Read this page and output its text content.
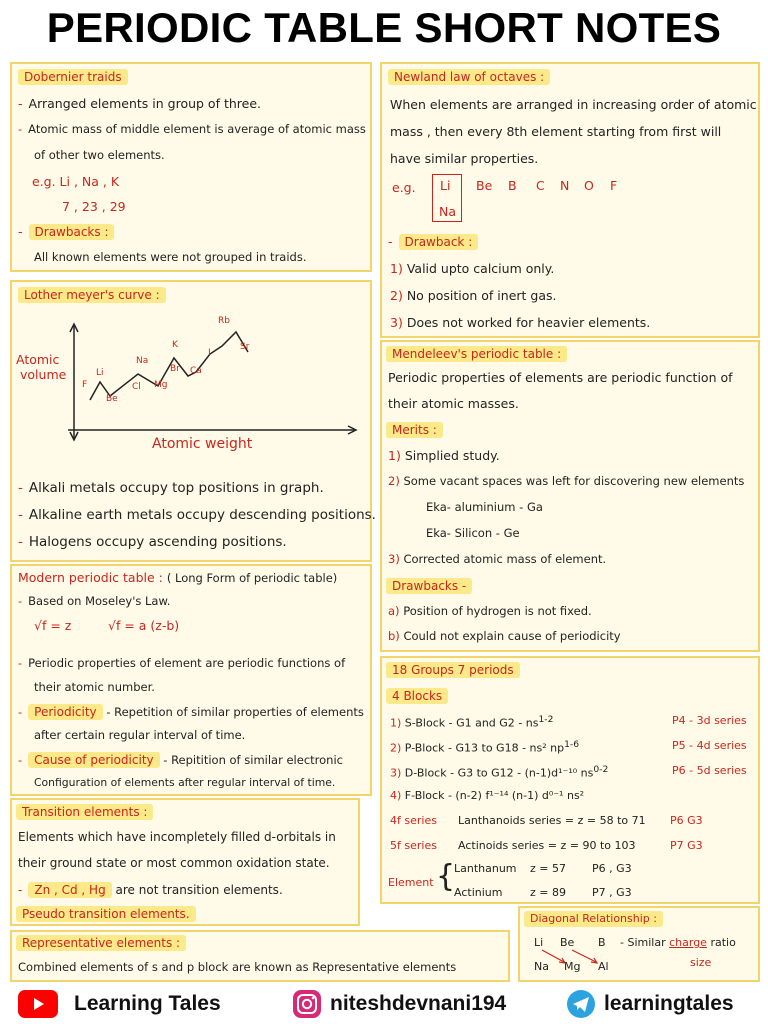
PERIODIC TABLE SHORT NOTES
Dobernier traids
- Arranged elements in group of three.
- Atomic mass of middle element is average of atomic mass
of other two elements.
e.g. Li , Na , K
7 , 23 , 29
- Drawbacks :
All known elements were not grouped in traids.
Newland law of octaves :
When elements are arranged in increasing order of atomic
mass , then every 8th element starting from first will
have similar properties.
e.g. Li
Na
Be B C N O F
- Drawback :
1) Valid upto calcium only.
2) No position of inert gas.
3) Does not worked for heavier elements.
Lother meyer's curve :
Atomic
volume
Atomic weight
F
Li
Be
Na
Cl Mg
K
Br Ca
Rb
I
Sr
- Alkali metals occupy top positions in graph.
- Alkaline earth metals occupy descending positions.
- Halogens occupy ascending positions.
Mendeleev's periodic table :
Periodic properties of elements are periodic function of
their atomic masses.
Merits :
1) Simplied study.
2) Some vacant spaces was left for discovering new elements
Eka- aluminium - Ga
Eka- Silicon - Ge
3) Corrected atomic mass of element.
Drawbacks -
a) Position of hydrogen is not fixed.
b) Could not explain cause of periodicity
Modern periodic table : ( Long Form of periodic table)
- Based on Moseley's Law.
√f = z	√f = a (z-b)
- Periodic properties of element are periodic functions of
their atomic number.
- Periodicity - Repetition of similar properties of elements
after certain regular interval of time.
- Cause of periodicity - Repitition of similar electronic
Configuration of elements after regular interval of time.
18 Groups 7 periods
4 Blocks
1) S-Block - G1 and $G2 - ns^{1-2}$	P4 - 3d series
2) P-Block - G13 to G18 - ns² $np^{1-6}$	P5 - 4d series
3) D-Block - G3 to G12 - (n-1)d¹⁻¹⁰ $ns^{0-2}$	P6 - 5d series
4) F-Block - (n-2) f¹⁻¹⁴ (n-1) d⁰⁻¹ ns²
4f series Lanthanoids series = z = 58 to 71 P6 G3
5f series Actinoids series = z = 90 to 103	P7 G3
Element {
Lanthanum z = 57 P6 , G3
Actinium	z = 89 P7 , G3
Transition elements :
Elements which have incompletely filled d-orbitals in
their ground state or most common oxidation state.
- Zn , Cd , Hg are not transition elements.
Pseudo transition elements.
Representative elements :
Combined elements of s and p block are known as Representative elements
Diagonal Relationship :
Li Be B
Na Mg Al
- Similar charge ratio
size
Learning Tales	niteshdevnani194	learningtales
